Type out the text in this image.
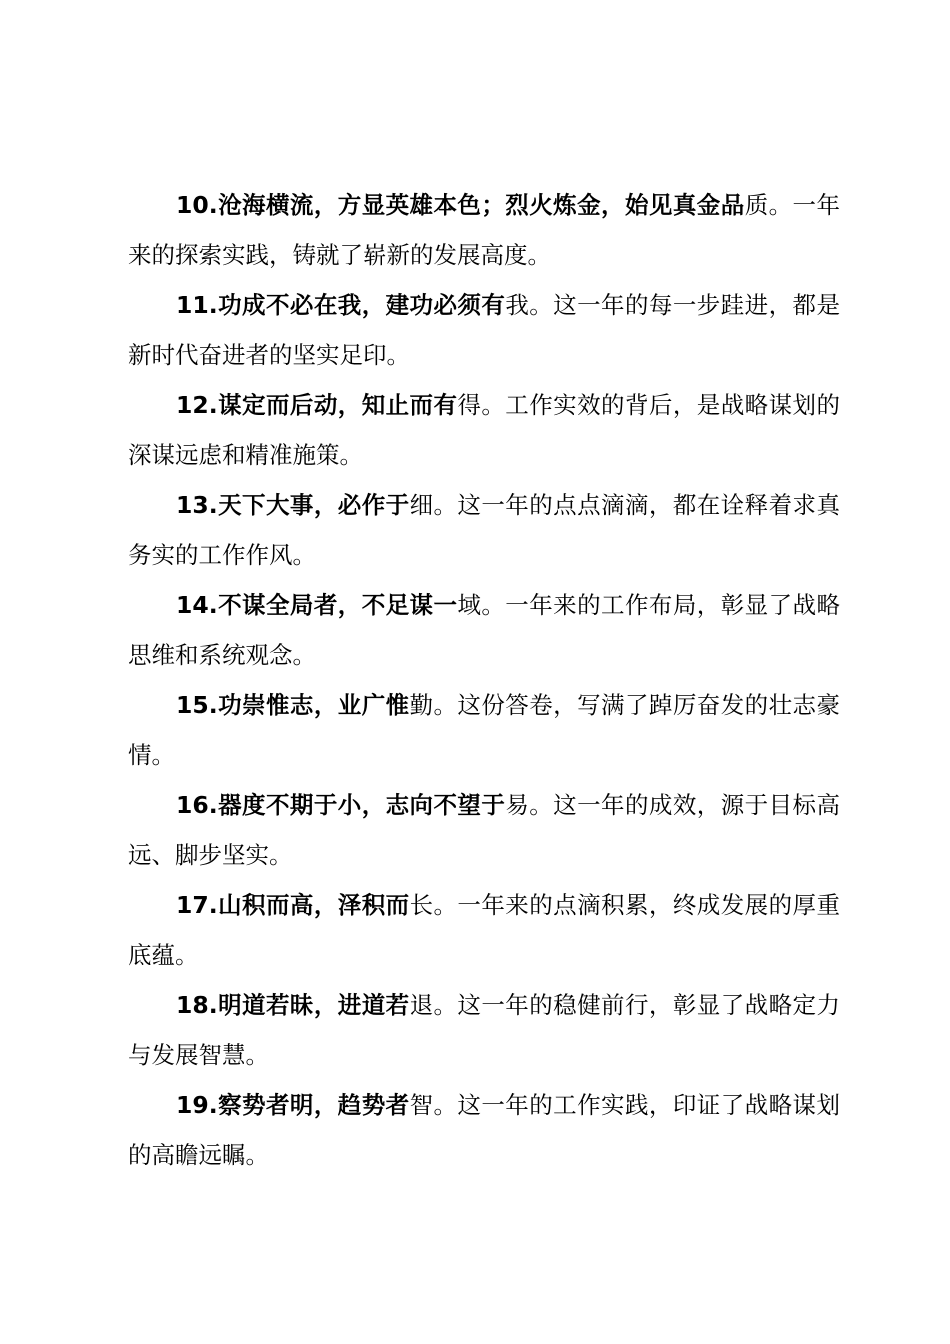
10.沧海横流，方显英雄本色；烈火炼金，始见真金品质。一年来的探索实践，铸就了崭新的发展高度。

11.功成不必在我，建功必须有我。这一年的每一步跬进，都是新时代奋进者的坚实足印。

12.谋定而后动，知止而有得。工作实效的背后，是战略谋划的深谋远虑和精准施策。

13.天下大事，必作于细。这一年的点点滴滴，都在诠释着求真务实的工作作风。

14.不谋全局者，不足谋一域。一年来的工作布局，彰显了战略思维和系统观念。

15.功崇惟志，业广惟勤。这份答卷，写满了踔厉奋发的壮志豪情。

16.器度不期于小，志向不望于易。这一年的成效，源于目标高远、脚步坚实。

17.山积而高，泽积而长。一年来的点滴积累，终成发展的厚重底蕴。

18.明道若昧，进道若退。这一年的稳健前行，彰显了战略定力与发展智慧。

19.察势者明，趋势者智。这一年的工作实践，印证了战略谋划的高瞻远瞩。
